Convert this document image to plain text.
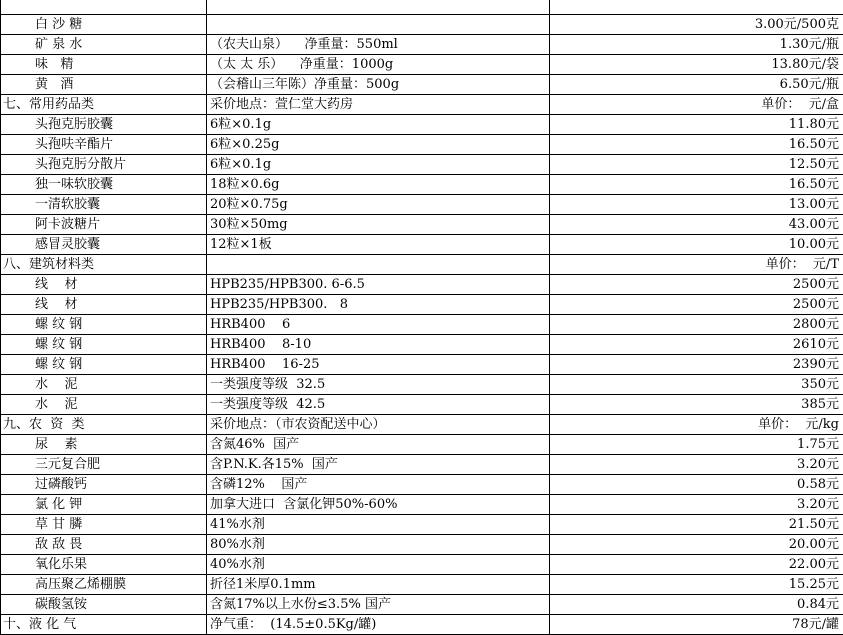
白 沙 糖		3.00元/500克
矿 泉 水	（农夫山泉）    净重量：550ml	1.30元/瓶
味   精	（太 太 乐）    净重量：1000g	13.80元/袋
黄   酒	（会稽山三年陈）净重量：500g	6.50元/瓶
七、常用药品类	采价地点：萱仁堂大药房	单价：  元/盒
头孢克肟胶囊	6粒×0.1g	11.80元
头孢呋辛酯片	6粒×0.25g	16.50元
头孢克肟分散片	6粒×0.1g	12.50元
独一味软胶囊	18粒×0.6g	16.50元
一清软胶囊	20粒×0.75g	13.00元
阿卡波糖片	30粒×50mg	43.00元
感冒灵胶囊	12粒×1板	10.00元
八、建筑材料类		单价：  元/T
线    材	HPB235/HPB300. 6-6.5	2500元
线    材	HPB235/HPB300.   8	2500元
螺 纹 钢	HRB400    6	2800元
螺 纹 钢	HRB400    8-10	2610元
螺 纹 钢	HRB400    16-25	2390元
水    泥	一类强度等级  32.5	350元
水    泥	一类强度等级  42.5	385元
九、农  资  类	采价地点：（市农资配送中心）	单价：  元/kg
尿    素	含氮46%  国产	1.75元
三元复合肥	含P.N.K.各15%  国产	3.20元
过磷酸钙	含磷12%    国产	0.58元
氯 化 钾	加拿大进口  含氯化钾50%-60%	3.20元
草 甘 膦	41%水剂	21.50元
敌 敌 畏	80%水剂	20.00元
氧化乐果	40%水剂	22.00元
高压聚乙烯棚膜	折径1米厚0.1mm	15.25元
碳酸氢铵	含氮17%以上水份≤3.5% 国产	0.84元
十、液 化 气	净气重：  (14.5±0.5Kg/罐)	78元/罐
